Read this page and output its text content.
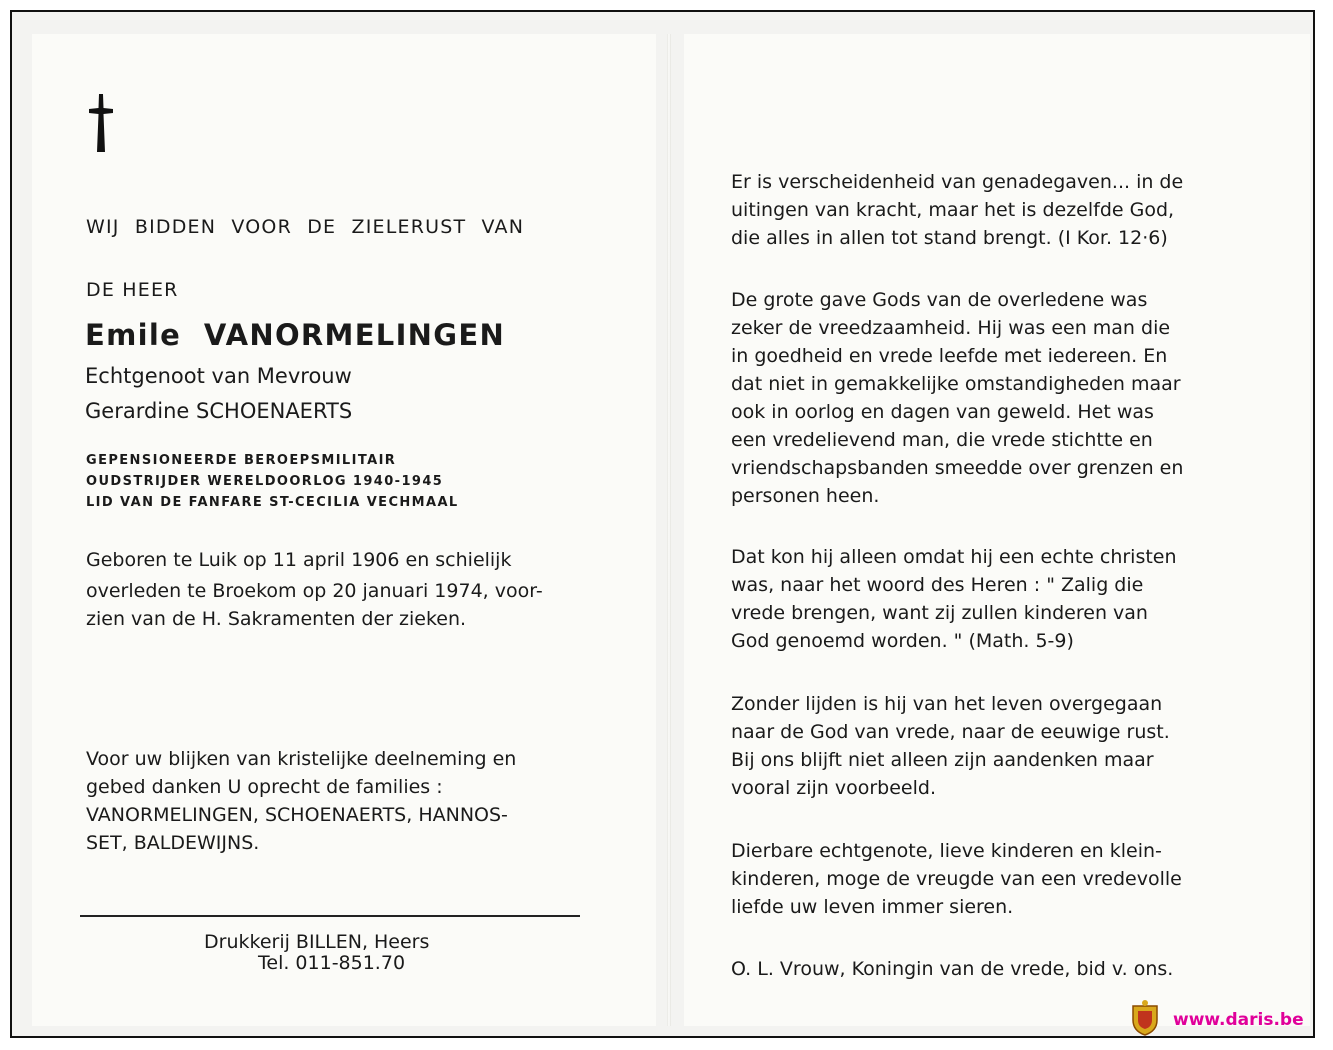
WIJ BIDDEN VOOR DE ZIELERUST VAN
DE HEER
Emile  VANORMELINGEN
Echtgenoot van Mevrouw
Gerardine SCHOENAERTS
GEPENSIONEERDE BEROEPSMILITAIR
OUDSTRIJDER WERELDOORLOG 1940-1945
LID VAN DE FANFARE ST-CECILIA VECHMAAL
Geboren te Luik op 11 april 1906 en schielijk
overleden te Broekom op 20 januari 1974, voor-
zien van de H. Sakramenten der zieken.
Voor uw blijken van kristelijke deelneming en
gebed danken U oprecht de families :
VANORMELINGEN, SCHOENAERTS, HANNOS-
SET, BALDEWIJNS.
Drukkerij BILLEN, Heers
Tel. 011-851.70
Er is verscheidenheid van genadegaven... in de
uitingen van kracht, maar het is dezelfde God,
die alles in allen tot stand brengt. (I Kor. 12·6)
De grote gave Gods van de overledene was
zeker de vreedzaamheid. Hij was een man die
in goedheid en vrede leefde met iedereen. En
dat niet in gemakkelijke omstandigheden maar
ook in oorlog en dagen van geweld. Het was
een vredelievend man, die vrede stichtte en
vriendschapsbanden smeedde over grenzen en
personen heen.
Dat kon hij alleen omdat hij een echte christen
was, naar het woord des Heren : " Zalig die
vrede brengen, want zij zullen kinderen van
God genoemd worden. " (Math. 5-9)
Zonder lijden is hij van het leven overgegaan
naar de God van vrede, naar de eeuwige rust.
Bij ons blijft niet alleen zijn aandenken maar
vooral zijn voorbeeld.
Dierbare echtgenote, lieve kinderen en klein-
kinderen, moge de vreugde van een vredevolle
liefde uw leven immer sieren.
O. L. Vrouw, Koningin van de vrede, bid v. ons.
www.daris.be
